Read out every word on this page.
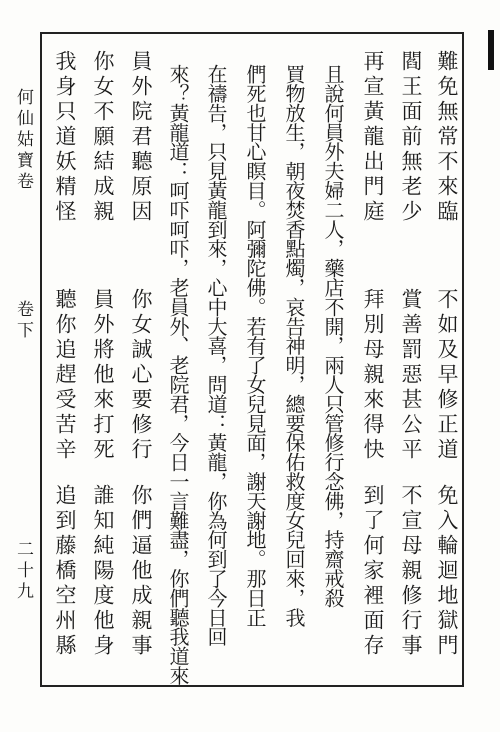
何仙姑寶卷
卷下
二十九
難免無常不來臨
不如及早修正道
免入輪迴地獄門
閻王面前無老少
賞善罰惡甚公平
不宣母親修行事
再宣黃龍出門庭
拜別母親來得快
到了何家裡面存
且說何員外夫婦二人，藥店不開，兩人只管修行念佛，持齋戒殺
買物放生，朝夜焚香點燭，哀告神明，總要保佑救度女兒回來，我
們死也甘心瞑目。阿彌陀佛。若有了女兒見面，謝天謝地。那日正
在禱告，只見黃龍到來，心中大喜，問道：黃龍，你為何到了今日回
來？黃龍道：呵吓呵吓，老員外、老院君，今日一言難盡，你們聽我道來
員外院君聽原因
你女誠心要修行
你們逼他成親事
你女不願結成親
員外將他來打死
誰知純陽度他身
我身只道妖精怪
聽你追趕受苦辛
追到藤橋空州縣
